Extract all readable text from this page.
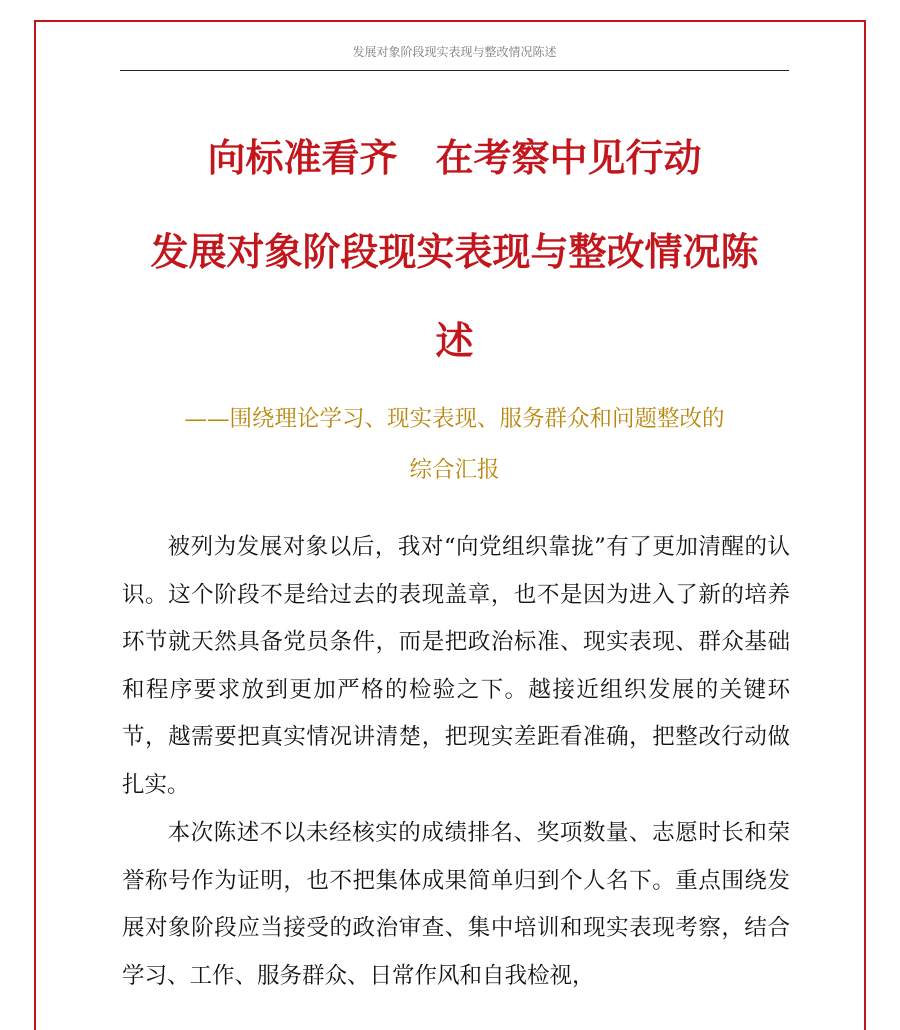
发展对象阶段现实表现与整改情况陈述
向标准看齐　在考察中见行动
发展对象阶段现实表现与整改情况陈
述
——围绕理论学习、现实表现、服务群众和问题整改的
综合汇报

被列为发展对象以后，我对“向党组织靠拢”有了更加清醒的认识。这个阶段不是给过去的表现盖章，也不是因为进入了新的培养环节就天然具备党员条件，而是把政治标准、现实表现、群众基础和程序要求放到更加严格的检验之下。越接近组织发展的关键环节，越需要把真实情况讲清楚，把现实差距看准确，把整改行动做扎实。

本次陈述不以未经核实的成绩排名、奖项数量、志愿时长和荣誉称号作为证明，也不把集体成果简单归到个人名下。重点围绕发展对象阶段应当接受的政治审查、集中培训和现实表现考察，结合学习、工作、服务群众、日常作风和自我检视，
